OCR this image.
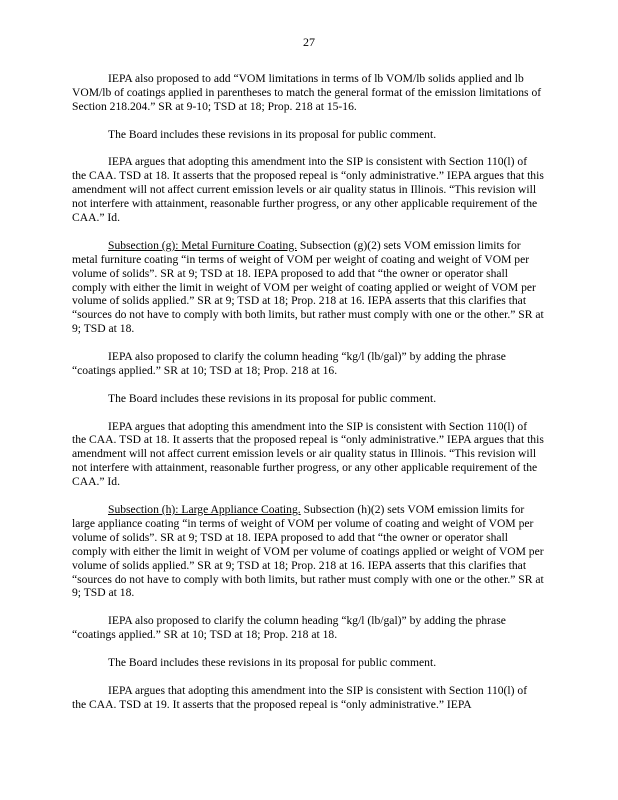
27

IEPA also proposed to add “VOM limitations in terms of lb VOM/lb solids applied and lb VOM/lb of coatings applied in parentheses to match the general format of the emission limitations of Section 218.204.” SR at 9-10; TSD at 18; Prop. 218 at 15-16.

The Board includes these revisions in its proposal for public comment.

IEPA argues that adopting this amendment into the SIP is consistent with Section 110(l) of the CAA. TSD at 18. It asserts that the proposed repeal is “only administrative.” IEPA argues that this amendment will not affect current emission levels or air quality status in Illinois. “This revision will not interfere with attainment, reasonable further progress, or any other applicable requirement of the CAA.” Id.

Subsection (g): Metal Furniture Coating. Subsection (g)(2) sets VOM emission limits for metal furniture coating “in terms of weight of VOM per weight of coating and weight of VOM per volume of solids”. SR at 9; TSD at 18. IEPA proposed to add that “the owner or operator shall comply with either the limit in weight of VOM per weight of coating applied or weight of VOM per volume of solids applied.” SR at 9; TSD at 18; Prop. 218 at 16. IEPA asserts that this clarifies that “sources do not have to comply with both limits, but rather must comply with one or the other.” SR at 9; TSD at 18.

IEPA also proposed to clarify the column heading “kg/l (lb/gal)” by adding the phrase “coatings applied.” SR at 10; TSD at 18; Prop. 218 at 16.

The Board includes these revisions in its proposal for public comment.

IEPA argues that adopting this amendment into the SIP is consistent with Section 110(l) of the CAA. TSD at 18. It asserts that the proposed repeal is “only administrative.” IEPA argues that this amendment will not affect current emission levels or air quality status in Illinois. “This revision will not interfere with attainment, reasonable further progress, or any other applicable requirement of the CAA.” Id.

Subsection (h): Large Appliance Coating. Subsection (h)(2) sets VOM emission limits for large appliance coating “in terms of weight of VOM per volume of coating and weight of VOM per volume of solids”. SR at 9; TSD at 18. IEPA proposed to add that “the owner or operator shall comply with either the limit in weight of VOM per volume of coatings applied or weight of VOM per volume of solids applied.” SR at 9; TSD at 18; Prop. 218 at 16. IEPA asserts that this clarifies that “sources do not have to comply with both limits, but rather must comply with one or the other.” SR at 9; TSD at 18.

IEPA also proposed to clarify the column heading “kg/l (lb/gal)” by adding the phrase “coatings applied.” SR at 10; TSD at 18; Prop. 218 at 18.

The Board includes these revisions in its proposal for public comment.

IEPA argues that adopting this amendment into the SIP is consistent with Section 110(l) of the CAA. TSD at 19. It asserts that the proposed repeal is “only administrative.” IEPA
